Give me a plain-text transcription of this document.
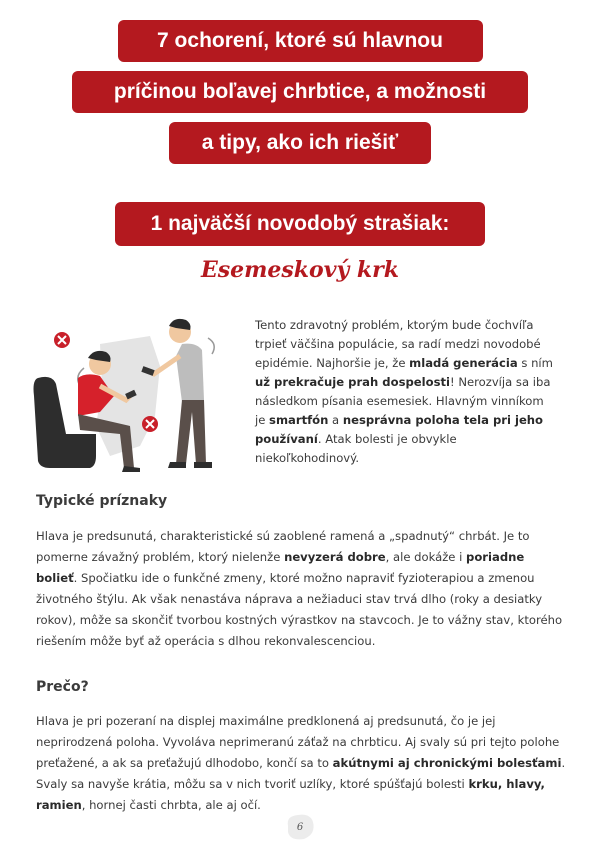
7 ochorení, ktoré sú hlavnou
príčinou boľavej chrbtice, a možnosti
a tipy, ako ich riešiť
1 najväčší novodobý strašiak:
Esemeskový krk
Tento zdravotný problém, ktorým bude čochvíľa trpieť väčšina populácie, sa radí medzi novodobé epidémie. Najhoršie je, že mladá generácia s ním už prekračuje prah dospelosti! Nerozvíja sa iba následkom písania esemesiek. Hlavným vinníkom je smartfón a nesprávna poloha tela pri jeho používaní. Atak bolesti je obvykle niekoľkohodinový.
Typické príznaky
Hlava je predsunutá, charakteristické sú zaoblené ramená a „spadnutý“ chrbát. Je to pomerne závažný problém, ktorý nielenže nevyzerá dobre, ale dokáže i poriadne bolieť. Spočiatku ide o funkčné zmeny, ktoré možno napraviť fyzioterapiou a zmenou životného štýlu. Ak však nenastáva náprava a nežiaduci stav trvá dlho (roky a desiatky rokov), môže sa skončiť tvorbou kostných výrastkov na stavcoch. Je to vážny stav, ktorého riešením môže byť až operácia s dlhou rekonvalescenciou.
Prečo?
Hlava je pri pozeraní na displej maximálne predklonená aj predsunutá, čo je jej neprirodzená poloha. Vyvoláva neprimeranú záťaž na chrbticu. Aj svaly sú pri tejto polohe preťažené, a ak sa preťažujú dlhodobo, končí sa to akútnymi aj chronickými bolesťami. Svaly sa navyše krátia, môžu sa v nich tvoriť uzlíky, ktoré spúšťajú bolesti krku, hlavy, ramien, hornej časti chrbta, ale aj očí.
6
